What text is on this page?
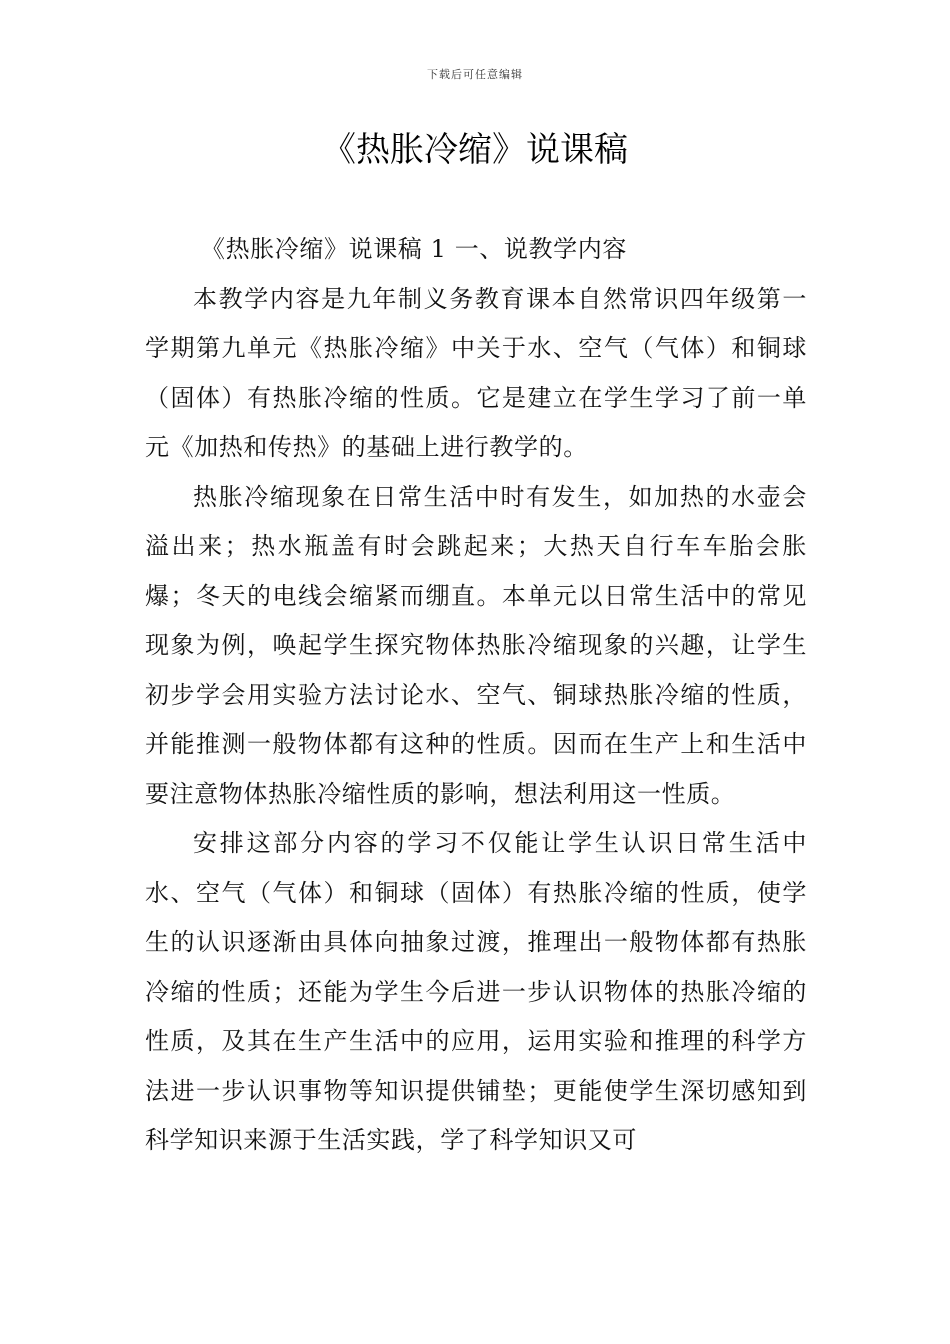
下载后可任意编辑
《热胀冷缩》说课稿

《热胀冷缩》说课稿 1 一、说教学内容

本教学内容是九年制义务教育课本自然常识四年级第一学期第九单元《热胀冷缩》中关于水、空气（气体）和铜球（固体）有热胀冷缩的性质。它是建立在学生学习了前一单元《加热和传热》的基础上进行教学的。

热胀冷缩现象在日常生活中时有发生，如加热的水壶会溢出来；热水瓶盖有时会跳起来；大热天自行车车胎会胀爆；冬天的电线会缩紧而绷直。本单元以日常生活中的常见现象为例，唤起学生探究物体热胀冷缩现象的兴趣，让学生初步学会用实验方法讨论水、空气、铜球热胀冷缩的性质，并能推测一般物体都有这种的性质。因而在生产上和生活中要注意物体热胀冷缩性质的影响，想法利用这一性质。

安排这部分内容的学习不仅能让学生认识日常生活中水、空气（气体）和铜球（固体）有热胀冷缩的性质，使学生的认识逐渐由具体向抽象过渡，推理出一般物体都有热胀冷缩的性质；还能为学生今后进一步认识物体的热胀冷缩的性质，及其在生产生活中的应用，运用实验和推理的科学方法进一步认识事物等知识提供铺垫；更能使学生深切感知到科学知识来源于生活实践，学了科学知识又可
